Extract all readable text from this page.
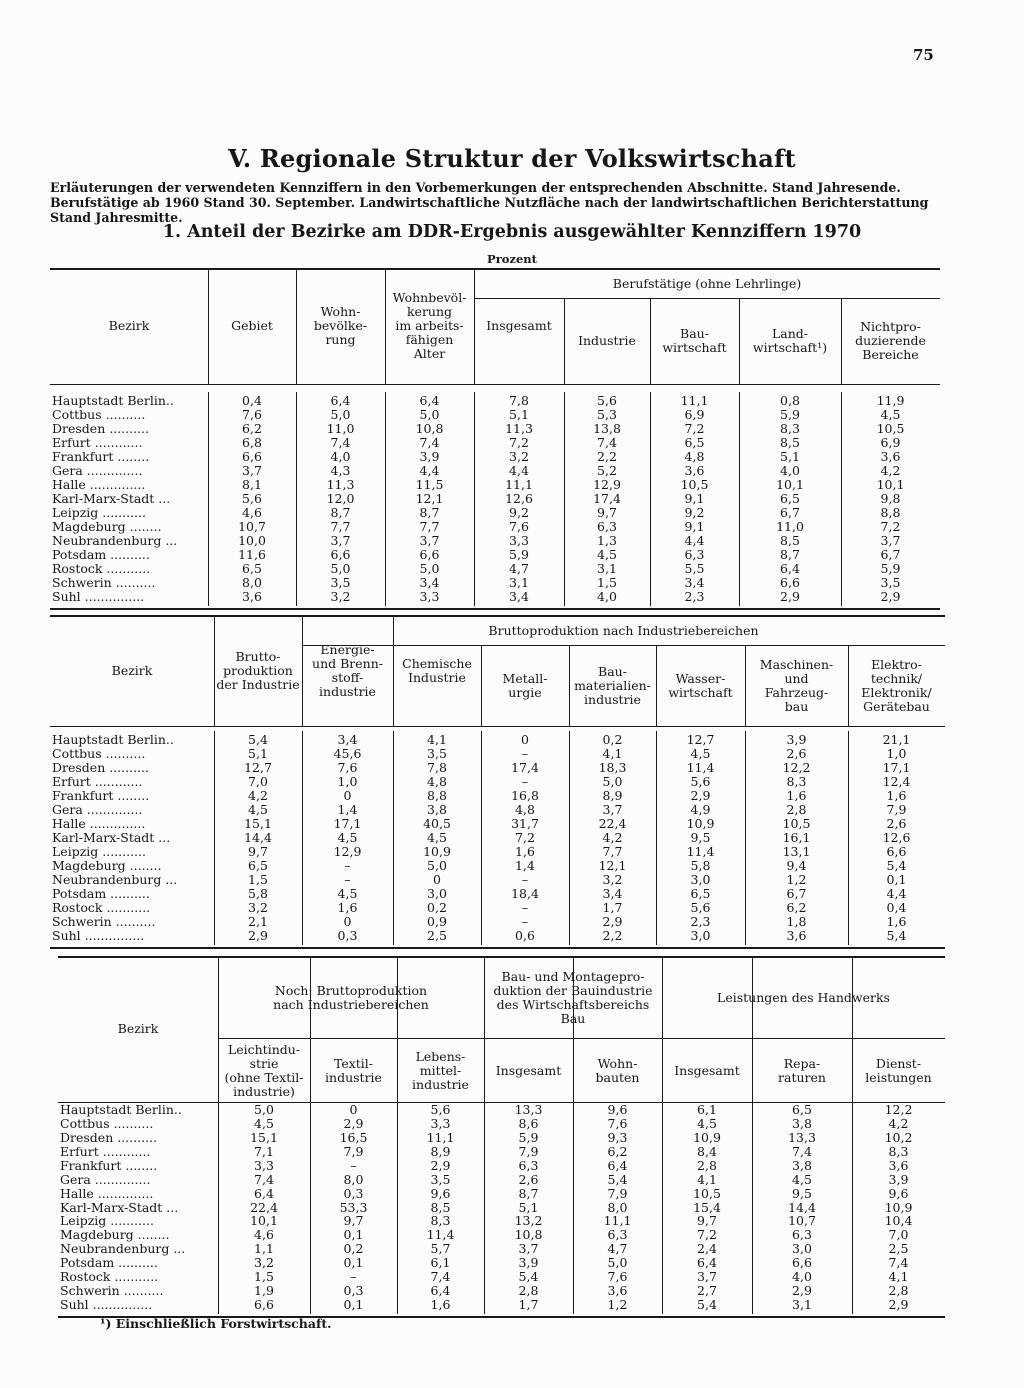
75
V. Regionale Struktur der Volkswirtschaft
Erläuterungen der verwendeten Kennziffern in den Vorbemerkungen der entsprechenden Abschnitte. Stand Jahresende. Berufstätige ab 1960 Stand 30. September. Landwirtschaftliche Nutzfläche nach der landwirtschaftlichen Berichterstattung Stand Jahresmitte.
1. Anteil der Bezirke am DDR-Ergebnis ausgewählter Kennziffern 1970
Prozent
Berufstätige (ohne Lehrlinge)
Bezirk	Gebiet
Wohn-
bevölke-
rung
Wohnbevöl-
kerung
im arbeits-
fähigen
Alter
Insgesamt
Industrie	Bau-
wirtschaft
Land-
wirtschaft¹)
Nichtpro-
duzierende
Bereiche
Hauptstadt Berlin..	0,4	6,4	6,4	7,8	5,6	11,1	0,8	11,9
Cottbus ..........	7,6	5,0	5,0	5,1	5,3	6,9	5,9	4,5
Dresden ..........	6,2	11,0	10,8	11,3	13,8	7,2	8,3	10,5
Erfurt ............	6,8	7,4	7,4	7,2	7,4	6,5	8,5	6,9
Frankfurt ........	6,6	4,0	3,9	3,2	2,2	4,8	5,1	3,6
Gera ..............	3,7	4,3	4,4	4,4	5,2	3,6	4,0	4,2
Halle ..............	8,1	11,3	11,5	11,1	12,9	10,5	10,1	10,1
Karl-Marx-Stadt ...	5,6	12,0	12,1	12,6	17,4	9,1	6,5	9,8
Leipzig ...........	4,6	8,7	8,7	9,2	9,7	9,2	6,7	8,8
Magdeburg ........	10,7	7,7	7,7	7,6	6,3	9,1	11,0	7,2
Neubrandenburg ...	10,0	3,7	3,7	3,3	1,3	4,4	8,5	3,7
Potsdam ..........	11,6	6,6	6,6	5,9	4,5	6,3	8,7	6,7
Rostock ...........	6,5	5,0	5,0	4,7	3,1	5,5	6,4	5,9
Schwerin ..........	8,0	3,5	3,4	3,1	1,5	3,4	6,6	3,5
Suhl ...............	3,6	3,2	3,3	3,4	4,0	2,3	2,9	2,9
Bruttoproduktion nach Industriebereichen
Bezirk
Brutto-
produktion
der Industrie
Energie-
und Brenn-
stoff-
industrie
Chemische
Industrie	Metall-
urgie
Bau-
materialien-
industrie
Wasser-
wirtschaft
Maschinen-
und
Fahrzeug-
bau
Elektro-
technik/
Elektronik/
Gerätebau
Hauptstadt Berlin..	5,4	3,4	4,1	0	0,2	12,7	3,9	21,1
Cottbus ..........	5,1	45,6	3,5	–	4,1	4,5	2,6	1,0
Dresden ..........	12,7	7,6	7,8	17,4	18,3	11,4	12,2	17,1
Erfurt ............	7,0	1,0	4,8	–	5,0	5,6	8,3	12,4
Frankfurt ........	4,2	0	8,8	16,8	8,9	2,9	1,6	1,6
Gera ..............	4,5	1,4	3,8	4,8	3,7	4,9	2,8	7,9
Halle ..............	15,1	17,1	40,5	31,7	22,4	10,9	10,5	2,6
Karl-Marx-Stadt ...	14,4	4,5	4,5	7,2	4,2	9,5	16,1	12,6
Leipzig ...........	9,7	12,9	10,9	1,6	7,7	11,4	13,1	6,6
Magdeburg ........	6,5	–	5,0	1,4	12,1	5,8	9,4	5,4
Neubrandenburg ...	1,5	–	0	–	3,2	3,0	1,2	0,1
Potsdam ..........	5,8	4,5	3,0	18,4	3,4	6,5	6,7	4,4
Rostock ...........	3,2	1,6	0,2	–	1,7	5,6	6,2	0,4
Schwerin ..........	2,1	0	0,9	–	2,9	2,3	1,8	1,6
Suhl ...............	2,9	0,3	2,5	0,6	2,2	3,0	3,6	5,4
Noch: Bruttoproduktion
nach Industriebereichen
Bau- und Montagepro-
duktion der Bauindustrie
des Wirtschaftsbereichs
Bau
Leistungen des Handwerks
Bezirk
Leichtindu-
strie
(ohne Textil-
industrie)
Textil-
industrie
Lebens-
mittel-
industrie
Insgesamt	Wohn-
bauten	Insgesamt	Repa-
raturen
Dienst-
leistungen
Hauptstadt Berlin..	5,0	0	5,6	13,3	9,6	6,1	6,5	12,2
Cottbus ..........	4,5	2,9	3,3	8,6	7,6	4,5	3,8	4,2
Dresden ..........	15,1	16,5	11,1	5,9	9,3	10,9	13,3	10,2
Erfurt ............	7,1	7,9	8,9	7,9	6,2	8,4	7,4	8,3
Frankfurt ........	3,3	–	2,9	6,3	6,4	2,8	3,8	3,6
Gera ..............	7,4	8,0	3,5	2,6	5,4	4,1	4,5	3,9
Halle ..............	6,4	0,3	9,6	8,7	7,9	10,5	9,5	9,6
Karl-Marx-Stadt ...	22,4	53,3	8,5	5,1	8,0	15,4	14,4	10,9
Leipzig ...........	10,1	9,7	8,3	13,2	11,1	9,7	10,7	10,4
Magdeburg ........	4,6	0,1	11,4	10,8	6,3	7,2	6,3	7,0
Neubrandenburg ...	1,1	0,2	5,7	3,7	4,7	2,4	3,0	2,5
Potsdam ..........	3,2	0,1	6,1	3,9	5,0	6,4	6,6	7,4
Rostock ...........	1,5	–	7,4	5,4	7,6	3,7	4,0	4,1
Schwerin ..........	1,9	0,3	6,4	2,8	3,6	2,7	2,9	2,8
Suhl ...............	6,6	0,1	1,6	1,7	1,2	5,4	3,1	2,9
¹) Einschließlich Forstwirtschaft.
